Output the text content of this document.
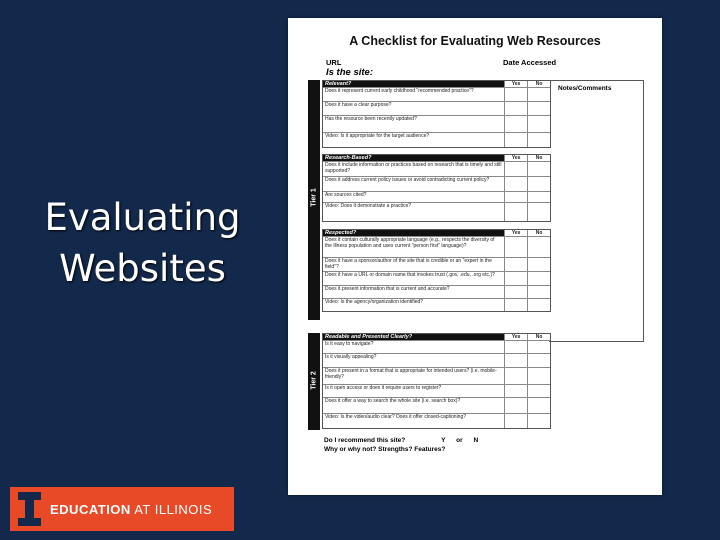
Evaluating
Websites
A Checklist for Evaluating Web Resources
URL	Date Accessed
Is the site:
Tier 1
Tier 2
Notes/Comments
Relevant?	Yes	No
Does it represent current early childhood "recommended practice"?
Does it have a clear purpose?
Has the resource been recently updated?
Video: Is it appropriate for the target audience?
Research-Based?	Yes	No
Does it include information or practices based on research that is timely and still supported?
Does it address current policy issues or avoid contradicting current policy?
Are sources cited?
Video: Does it demonstrate a practice?
Respected?	Yes	No
Does it contain culturally appropriate language (e.g., respects the diversity of the illness population and uses current "person first" language)?
Does it have a sponsor/author of the site that is credible or an "expert in the field"?
Does it have a URL or domain name that invokes trust (.gov, .edu, .org etc.)?
Does it present information that is current and accurate?
Video: Is the agency/organization identified?
Readable and Presented Clearly?	Yes	No
Is it easy to navigate?
Is it visually appealing?
Does it present in a format that is appropriate for intended users? (i.e. mobile-friendly?
Is it open access or does it require users to register?
Does it offer a way to search the whole site (i.e. search box)?
Video: Is the video/audio clear? Does it offer closed-captioning?
Do I recommend this site?	Y or N
Why or why not? Strengths? Features?
EDUCATION AT ILLINOIS
